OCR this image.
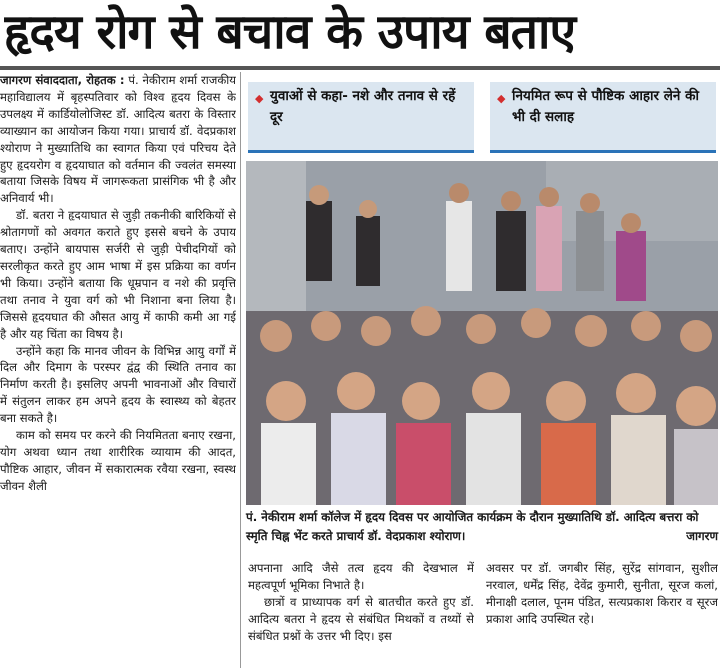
हृदय रोग से बचाव के उपाय बताए

जागरण संवाददाता, रोहतक : पं. नेकीराम शर्मा राजकीय महाविद्यालय में बृहस्पतिवार को विश्व हृदय दिवस के उपलक्ष्य में कार्डियोलोजिस्ट डॉ. आदित्य बतरा के विस्तार व्याख्यान का आयोजन किया गया। प्राचार्य डॉ. वेदप्रकाश श्योराण ने मुख्यातिथि का स्वागत किया एवं परिचय देते हुए हृदयरोग व हृदयाघात को वर्तमान की ज्वलंत समस्या बताया जिसके विषय में जागरूकता प्रासंगिक भी है और अनिवार्य भी।

डॉ. बतरा ने हृदयाघात से जुड़ी तकनीकी बारिकियों से श्रोतागणों को अवगत कराते हुए इससे बचने के उपाय बताए। उन्होंने बायपास सर्जरी से जुड़ी पेचीदगियों को सरलीकृत करते हुए आम भाषा में इस प्रक्रिया का वर्णन भी किया। उन्होंने बताया कि धूम्रपान व नशे की प्रवृत्ति तथा तनाव ने युवा वर्ग को भी निशाना बना लिया है। जिससे हृदयघात की औसत आयु में काफी कमी आ गई है और यह चिंता का विषय है।

उन्होंने कहा कि मानव जीवन के विभिन्न आयु वर्गों में दिल और दिमाग के परस्पर द्वंद्व की स्थिति तनाव का निर्माण करती है। इसलिए अपनी भावनाओं और विचारों में संतुलन लाकर हम अपने हृदय के स्वास्थ्य को बेहतर बना सकते है।

काम को समय पर करने की नियमितता बनाए रखना, योग अथवा ध्यान तथा शारीरिक व्यायाम की आदत, पौष्टिक आहार, जीवन में सकारात्मक रवैया रखना, स्वस्थ जीवन शैली

◆ युवाओं से कहा- नशे और तनाव से रहें दूर
◆ नियमित रूप से पौष्टिक आहार लेने की भी दी सलाह
पं. नेकीराम शर्मा कॉलेज में हृदय दिवस पर आयोजित कार्यक्रम के दौरान मुख्यातिथि डॉ. आदित्य बत्तरा को स्मृति चिह्न भेंट करते प्राचार्य डॉ. वेदप्रकाश श्योराण।	जागरण

अपनाना आदि जैसे तत्व हृदय की देखभाल में महत्वपूर्ण भूमिका निभाते है।

छात्रों व प्राध्यापक वर्ग से बातचीत करते हुए डॉ. आदित्य बतरा ने हृदय से संबंधित मिथकों व तथ्यों से संबंधित प्रश्नों के उत्तर भी दिए। इस

अवसर पर डॉ. जगबीर सिंह, सुरेंद्र सांगवान, सुशील नरवाल, धर्मेंद्र सिंह, देवेंद्र कुमारी, सुनीता, सूरज कलां, मीनाक्षी दलाल, पूनम पंडित, सत्यप्रकाश किरार व सूरज प्रकाश आदि उपस्थित रहे।
